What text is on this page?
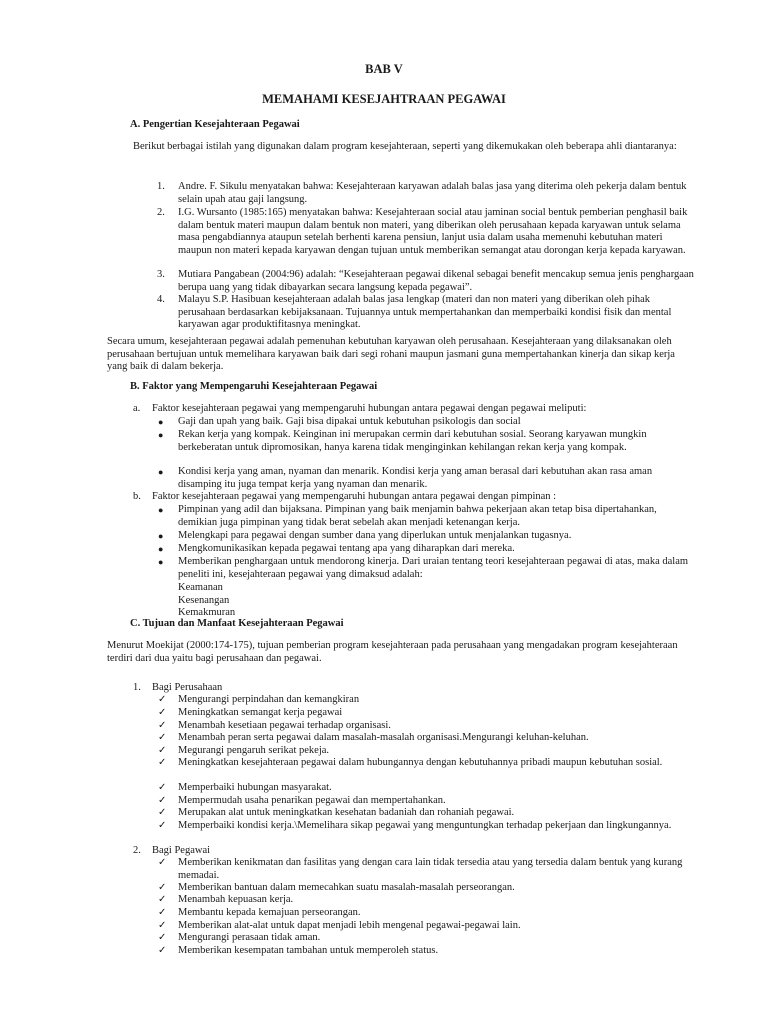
BAB V
MEMAHAMI KESEJAHTRAAN PEGAWAI
A. Pengertian Kesejahteraan Pegawai

Berikut berbagai istilah yang digunakan dalam program kesejahteraan, seperti yang dikemukakan oleh beberapa ahli diantaranya:

1. Andre. F. Sikulu menyatakan bahwa: Kesejahteraan karyawan adalah balas jasa yang diterima oleh pekerja dalam bentuk selain upah atau gaji langsung.

2. I.G. Wursanto (1985:165) menyatakan bahwa: Kesejahteraan social atau jaminan social bentuk pemberian penghasil baik dalam bentuk materi maupun dalam bentuk non materi, yang diberikan oleh perusahaan kepada karyawan untuk selama masa pengabdiannya ataupun setelah berhenti karena pensiun, lanjut usia dalam usaha memenuhi kebutuhan materi maupun non materi kepada karyawan dengan tujuan untuk memberikan semangat atau dorongan kerja kepada karyawan.

3. Mutiara Pangabean (2004:96) adalah: “Kesejahteraan pegawai dikenal sebagai benefit mencakup semua jenis penghargaan berupa uang yang tidak dibayarkan secara langsung kepada pegawai”.

4. Malayu S.P. Hasibuan kesejahteraan adalah balas jasa lengkap (materi dan non materi yang diberikan oleh pihak perusahaan berdasarkan kebijaksanaan. Tujuannya untuk mempertahankan dan memperbaiki kondisi fisik dan mental karyawan agar produktifitasnya meningkat.

Secara umum, kesejahteraan pegawai adalah pemenuhan kebutuhan karyawan oleh perusahaan. Kesejahteraan yang dilaksanakan oleh perusahaan bertujuan untuk memelihara karyawan baik dari segi rohani maupun jasmani guna mempertahankan kinerja dan sikap kerja yang baik di dalam bekerja.

B. Faktor yang Mempengaruhi Kesejahteraan Pegawai
a. Faktor kesejahteraan pegawai yang mempengaruhi hubungan antara pegawai dengan pegawai meliputi:

● Gaji dan upah yang baik. Gaji bisa dipakai untuk kebutuhan psikologis dan social

● Rekan kerja yang kompak. Keinginan ini merupakan cermin dari kebutuhan sosial. Seorang karyawan mungkin berkeberatan untuk dipromosikan, hanya karena tidak menginginkan kehilangan rekan kerja yang kompak.

● Kondisi kerja yang aman, nyaman dan menarik. Kondisi kerja yang aman berasal dari kebutuhan akan rasa aman disamping itu juga tempat kerja yang nyaman dan menarik.

b. Faktor kesejahteraan pegawai yang mempengaruhi hubungan antara pegawai dengan pimpinan :

● Pimpinan yang adil dan bijaksana. Pimpinan yang baik menjamin bahwa pekerjaan akan tetap bisa dipertahankan, demikian juga pimpinan yang tidak berat sebelah akan menjadi ketenangan kerja.

● Melengkapi para pegawai dengan sumber dana yang diperlukan untuk menjalankan tugasnya.

● Mengkomunikasikan kepada pegawai tentang apa yang diharapkan dari mereka.

● Memberikan penghargaan untuk mendorong kinerja. Dari uraian tentang teori kesejahteraan pegawai di atas, maka dalam peneliti ini, kesejahteraan pegawai yang dimaksud adalah:

Keamanan
Kesenangan
Kemakmuran
C. Tujuan dan Manfaat Kesejahteraan Pegawai

Menurut Moekijat (2000:174-175), tujuan pemberian program kesejahteraan pada perusahaan yang mengadakan program kesejahteraan terdiri dari dua yaitu bagi perusahaan dan pegawai.

1. Bagi Perusahaan
✓ Mengurangi perpindahan dan kemangkiran

✓ Meningkatkan semangat kerja pegawai

✓ Menambah kesetiaan pegawai terhadap organisasi.

✓ Menambah peran serta pegawai dalam masalah-masalah organisasi.Mengurangi keluhan-keluhan.

✓ Megurangi pengaruh serikat pekeja.

✓ Meningkatkan kesejahteraan pegawai dalam hubungannya dengan kebutuhannya pribadi maupun kebutuhan sosial.

✓ Memperbaiki hubungan masyarakat.

✓ Mempermudah usaha penarikan pegawai dan mempertahankan.

✓ Merupakan alat untuk meningkatkan kesehatan badaniah dan rohaniah pegawai.

✓ Memperbaiki kondisi kerja.\Memelihara sikap pegawai yang menguntungkan terhadap pekerjaan dan lingkungannya.

2. Bagi Pegawai
✓ Memberikan kenikmatan dan fasilitas yang dengan cara lain tidak tersedia atau yang tersedia dalam bentuk yang kurang memadai.

✓ Memberikan bantuan dalam memecahkan suatu masalah-masalah perseorangan.

✓ Menambah kepuasan kerja.

✓ Membantu kepada kemajuan perseorangan.

✓ Memberikan alat-alat untuk dapat menjadi lebih mengenal pegawai-pegawai lain.

✓ Mengurangi perasaan tidak aman.

✓ Memberikan kesempatan tambahan untuk memperoleh status.
